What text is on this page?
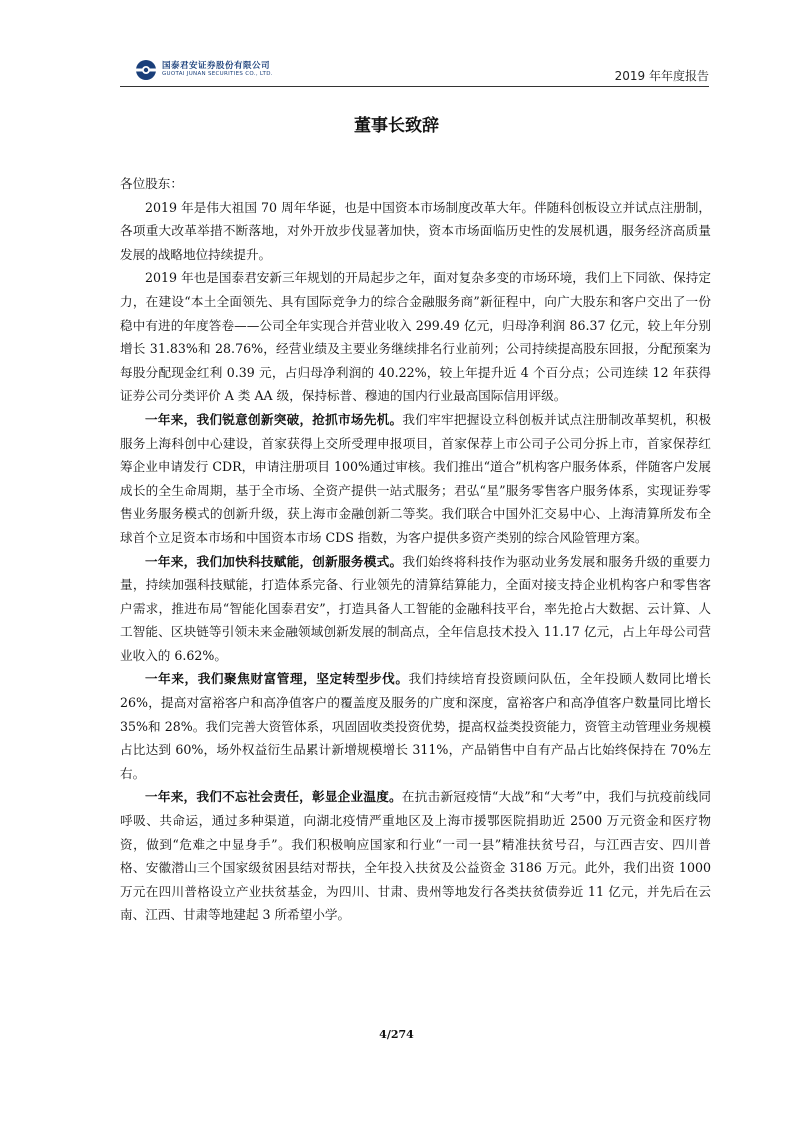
国泰君安证券股份有限公司
GUOTAI JUNAN SECURITIES CO., LTD.	2019 年年度报告
董事长致辞

各位股东：

2019 年是伟大祖国 70 周年华诞，也是中国资本市场制度改革大年。伴随科创板设立并试点注册制，各项重大改革举措不断落地，对外开放步伐显著加快，资本市场面临历史性的发展机遇，服务经济高质量发展的战略地位持续提升。

2019 年也是国泰君安新三年规划的开局起步之年，面对复杂多变的市场环境，我们上下同欲、保持定力，在建设“本土全面领先、具有国际竞争力的综合金融服务商”新征程中，向广大股东和客户交出了一份稳中有进的年度答卷——公司全年实现合并营业收入 299.49 亿元，归母净利润 86.37 亿元，较上年分别增长 31.83%和 28.76%，经营业绩及主要业务继续排名行业前列；公司持续提高股东回报，分配预案为每股分配现金红利 0.39 元，占归母净利润的 40.22%，较上年提升近 4 个百分点；公司连续 12 年获得证券公司分类评价 A 类 AA 级，保持标普、穆迪的国内行业最高国际信用评级。

一年来，我们锐意创新突破，抢抓市场先机。我们牢牢把握设立科创板并试点注册制改革契机，积极服务上海科创中心建设，首家获得上交所受理申报项目，首家保荐上市公司子公司分拆上市，首家保荐红筹企业申请发行 CDR，申请注册项目 100%通过审核。我们推出“道合”机构客户服务体系，伴随客户发展成长的全生命周期，基于全市场、全资产提供一站式服务；君弘“星”服务零售客户服务体系，实现证券零售业务服务模式的创新升级，获上海市金融创新二等奖。我们联合中国外汇交易中心、上海清算所发布全球首个立足资本市场和中国资本市场 CDS 指数，为客户提供多资产类别的综合风险管理方案。

一年来，我们加快科技赋能，创新服务模式。我们始终将科技作为驱动业务发展和服务升级的重要力量，持续加强科技赋能，打造体系完备、行业领先的清算结算能力，全面对接支持企业机构客户和零售客户需求，推进布局“智能化国泰君安”，打造具备人工智能的金融科技平台，率先抢占大数据、云计算、人工智能、区块链等引领未来金融领域创新发展的制高点，全年信息技术投入 11.17 亿元，占上年母公司营业收入的 6.62%。

一年来，我们聚焦财富管理，坚定转型步伐。我们持续培育投资顾问队伍，全年投顾人数同比增长 26%，提高对富裕客户和高净值客户的覆盖度及服务的广度和深度，富裕客户和高净值客户数量同比增长 35%和 28%。我们完善大资管体系，巩固固收类投资优势，提高权益类投资能力，资管主动管理业务规模占比达到 60%，场外权益衍生品累计新增规模增长 311%，产品销售中自有产品占比始终保持在 70%左右。

一年来，我们不忘社会责任，彰显企业温度。在抗击新冠疫情“大战”和“大考”中，我们与抗疫前线同呼吸、共命运，通过多种渠道，向湖北疫情严重地区及上海市援鄂医院捐助近 2500 万元资金和医疗物资，做到“危难之中显身手”。我们积极响应国家和行业“一司一县”精准扶贫号召，与江西吉安、四川普格、安徽潜山三个国家级贫困县结对帮扶，全年投入扶贫及公益资金 3186 万元。此外，我们出资 1000 万元在四川普格设立产业扶贫基金，为四川、甘肃、贵州等地发行各类扶贫债券近 11 亿元，并先后在云南、江西、甘肃等地建起 3 所希望小学。

4/274
